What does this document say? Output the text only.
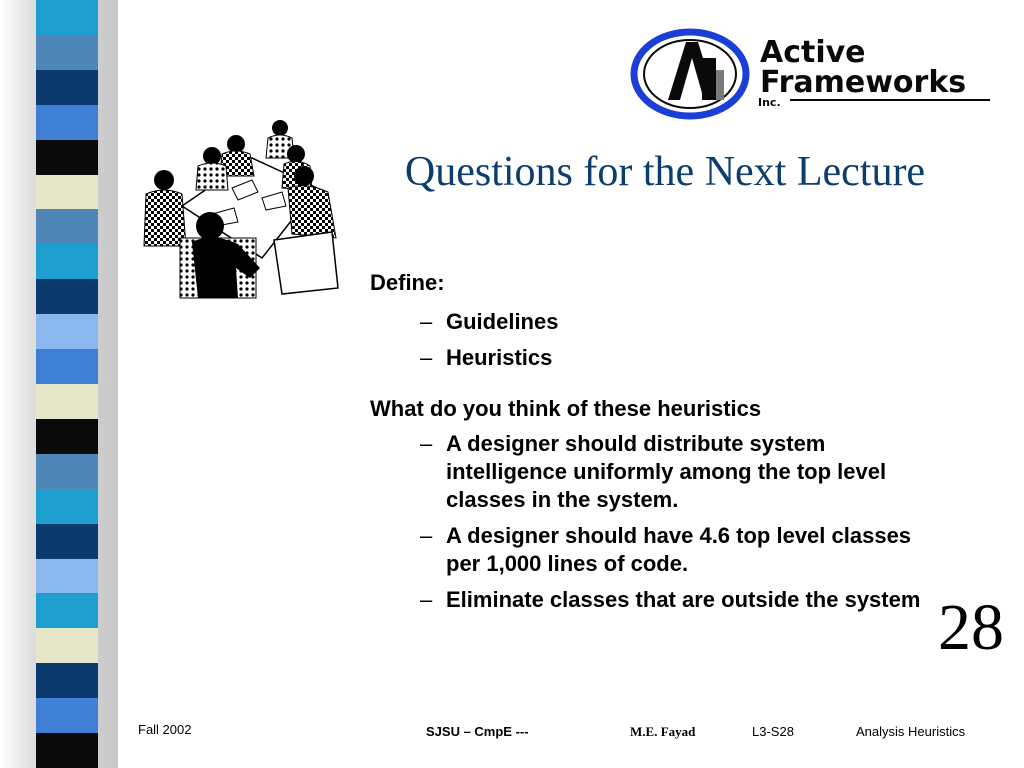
Active
Frameworks
Inc.
Questions for the Next Lecture
Define:
– Guidelines
– Heuristics
What do you think of these heuristics
– A designer should distribute system intelligence uniformly among the top level classes in the system.
– A designer should have 4.6 top level classes per 1,000 lines of code.
– Eliminate classes that are outside the system 28
Fall 2002	SJSU – CmpE ---	M.E. Fayad	L3-S28	Analysis Heuristics
